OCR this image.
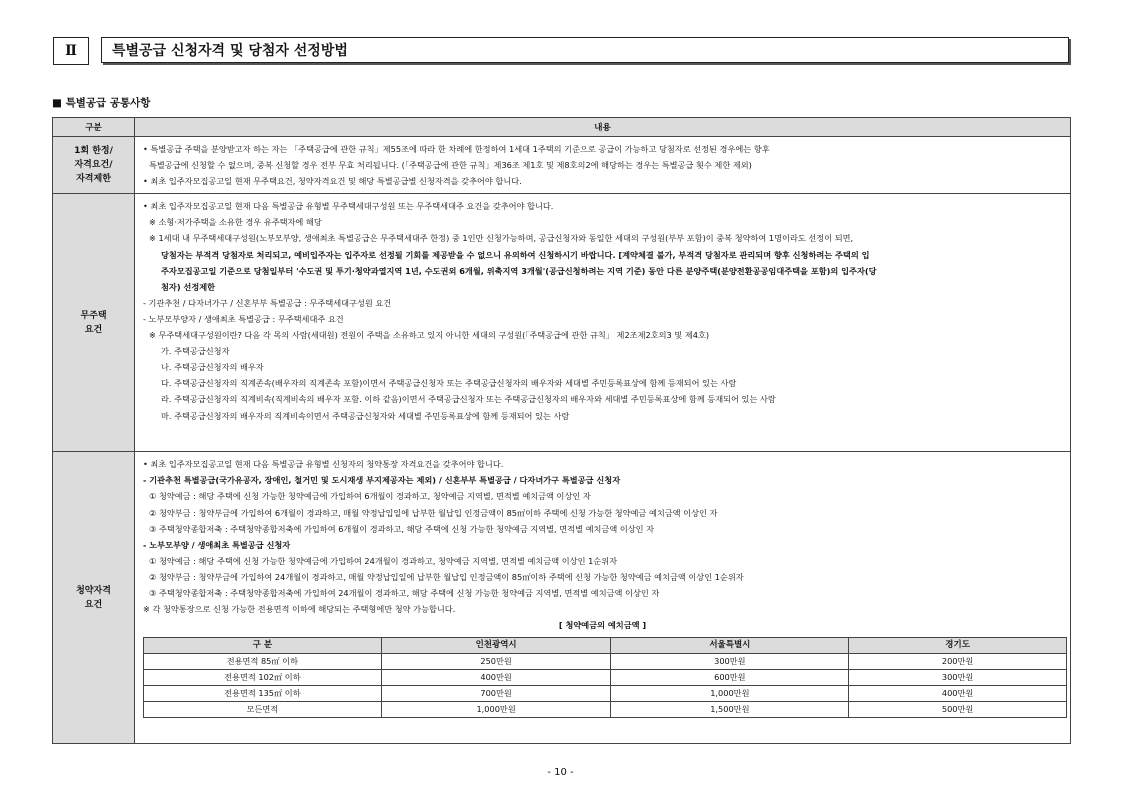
Ⅱ	특별공급 신청자격 및 당첨자 선정방법
■ 특별공급 공통사항
구분	내용

1회 한정/
자격요건/
자격제한

• 특별공급 주택을 분양받고자 하는 자는 「주택공급에 관한 규칙」제55조에 따라 한 차례에 한정하여 1세대 1주택의 기준으로 공급이 가능하고 당첨자로 선정된 경우에는 향후
특별공급에 신청할 수 없으며, 중복 신청할 경우 전부 무효 처리됩니다. (「주택공급에 관한 규칙」제36조 제1호 및 제8호의2에 해당하는 경우는 특별공급 횟수 제한 제외)
• 최초 입주자모집공고일 현재 무주택요건, 청약자격요건 및 해당 특별공급별 신청자격을 갖추어야 합니다.

무주택
요건

• 최초 입주자모집공고일 현재 다음 특별공급 유형별 무주택세대구성원 또는 무주택세대주 요건을 갖추어야 합니다.
※ 소형·저가주택을 소유한 경우 유주택자에 해당
※ 1세대 내 무주택세대구성원(노부모부양, 생애최초 특별공급은 무주택세대주 한정) 중 1인만 신청가능하며, 공급신청자와 동일한 세대의 구성원(부부 포함)이 중복 청약하여 1명이라도 선정이 되면,
당첨자는 부적격 당첨자로 처리되고, 예비입주자는 입주자로 선정될 기회를 제공받을 수 없으니 유의하여 신청하시기 바랍니다. [계약체결 불가, 부적격 당첨자로 관리되며 향후 신청하려는 주택의 입
주자모집공고일 기준으로 당첨일부터 '수도권 및 투기·청약과열지역 1년, 수도권외 6개월, 위축지역 3개월'(공급신청하려는 지역 기준) 동안 다른 분양주택(분양전환공공임대주택을 포함)의 입주자(당
첨자) 선정제한
- 기관추천 / 다자녀가구 / 신혼부부 특별공급 : 무주택세대구성원 요건
- 노부모부양자 / 생애최초 특별공급 : 무주택세대주 요건
※ 무주택세대구성원이란? 다음 각 목의 사람(세대원) 전원이 주택을 소유하고 있지 아니한 세대의 구성원(「주택공급에 관한 규칙」 제2조제2호의3 및 제4호)
가. 주택공급신청자
나. 주택공급신청자의 배우자
다. 주택공급신청자의 직계존속(배우자의 직계존속 포함)이면서 주택공급신청자 또는 주택공급신청자의 배우자와 세대별 주민등록표상에 함께 등재되어 있는 사람
라. 주택공급신청자의 직계비속(직계비속의 배우자 포함. 이하 같음)이면서 주택공급신청자 또는 주택공급신청자의 배우자와 세대별 주민등록표상에 함께 등재되어 있는 사람
마. 주택공급신청자의 배우자의 직계비속이면서 주택공급신청자와 세대별 주민등록표상에 함께 등재되어 있는 사람

청약자격
요건

• 최초 입주자모집공고일 현재 다음 특별공급 유형별 신청자의 청약통장 자격요건을 갖추어야 합니다.
- 기관추천 특별공급(국가유공자, 장애인, 철거민 및 도시재생 부지제공자는 제외) / 신혼부부 특별공급 / 다자녀가구 특별공급 신청자
① 청약예금 : 해당 주택에 신청 가능한 청약예금에 가입하여 6개월이 경과하고, 청약예금 지역별, 면적별 예치금액 이상인 자
② 청약부금 : 청약부금에 가입하여 6개월이 경과하고, 매월 약정납입일에 납부한 월납입 인정금액이 85㎡이하 주택에 신청 가능한 청약예금 예치금액 이상인 자
③ 주택청약종합저축 : 주택청약종합저축에 가입하여 6개월이 경과하고, 해당 주택에 신청 가능한 청약예금 지역별, 면적별 예치금액 이상인 자
- 노부모부양 / 생애최초 특별공급 신청자
① 청약예금 : 해당 주택에 신청 가능한 청약예금에 가입하여 24개월이 경과하고, 청약예금 지역별, 면적별 예치금액 이상인 1순위자
② 청약부금 : 청약부금에 가입하여 24개월이 경과하고, 매월 약정납입일에 납부한 월납입 인정금액이 85㎡이하 주택에 신청 가능한 청약예금 예치금액 이상인 1순위자
③ 주택청약종합저축 : 주택청약종합저축에 가입하여 24개월이 경과하고, 해당 주택에 신청 가능한 청약예금 지역별, 면적별 예치금액 이상인 자
※ 각 청약통장으로 신청 가능한 전용면적 이하에 해당되는 주택형에만 청약 가능합니다.
[ 청약예금의 예치금액 ]
구 분	인천광역시	서울특별시	경기도
전용면적 85㎡ 이하	250만원	300만원	200만원
전용면적 102㎡ 이하	400만원	600만원	300만원
전용면적 135㎡ 이하	700만원	1,000만원	400만원
모든면적	1,000만원	1,500만원	500만원
- 10 -
